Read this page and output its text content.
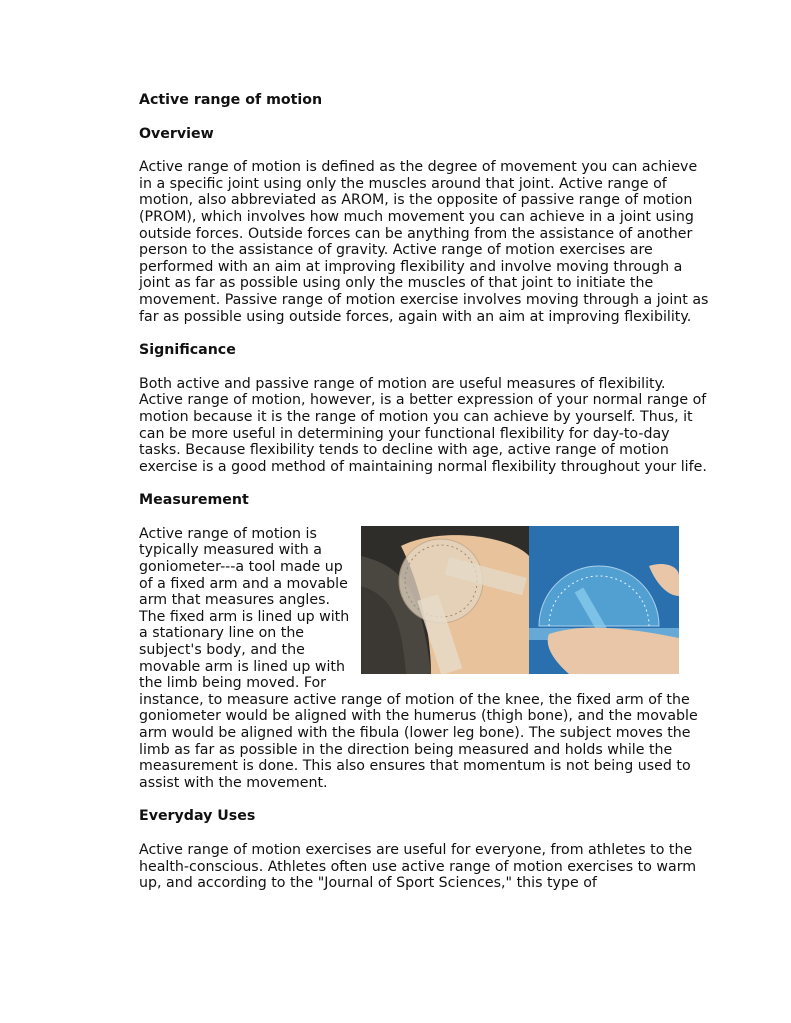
Active range of motion
Overview

Active range of motion is defined as the degree of movement you can achieve in a specific joint using only the muscles around that joint. Active range of motion, also abbreviated as AROM, is the opposite of passive range of motion (PROM), which involves how much movement you can achieve in a joint using outside forces. Outside forces can be anything from the assistance of another person to the assistance of gravity. Active range of motion exercises are performed with an aim at improving flexibility and involve moving through a joint as far as possible using only the muscles of that joint to initiate the movement. Passive range of motion exercise involves moving through a joint as far as possible using outside forces, again with an aim at improving flexibility.

Significance

Both active and passive range of motion are useful measures of flexibility. Active range of motion, however, is a better expression of your normal range of motion because it is the range of motion you can achieve by yourself. Thus, it can be more useful in determining your functional flexibility for day-to-day tasks. Because flexibility tends to decline with age, active range of motion exercise is a good method of maintaining normal flexibility throughout your life.

Measurement

Active range of motion is typically measured with a goniometer---a tool made up of a fixed arm and a movable arm that measures angles. The fixed arm is lined up with a stationary line on the subject's body, and the movable arm is lined up with the limb being moved. For instance, to measure active range of motion of the knee, the fixed arm of the goniometer would be aligned with the humerus (thigh bone), and the movable arm would be aligned with the fibula (lower leg bone). The subject moves the limb as far as possible in the direction being measured and holds while the measurement is done. This also ensures that momentum is not being used to assist with the movement.

Everyday Uses

Active range of motion exercises are useful for everyone, from athletes to the health-conscious. Athletes often use active range of motion exercises to warm up, and according to the "Journal of Sport Sciences," this type of
